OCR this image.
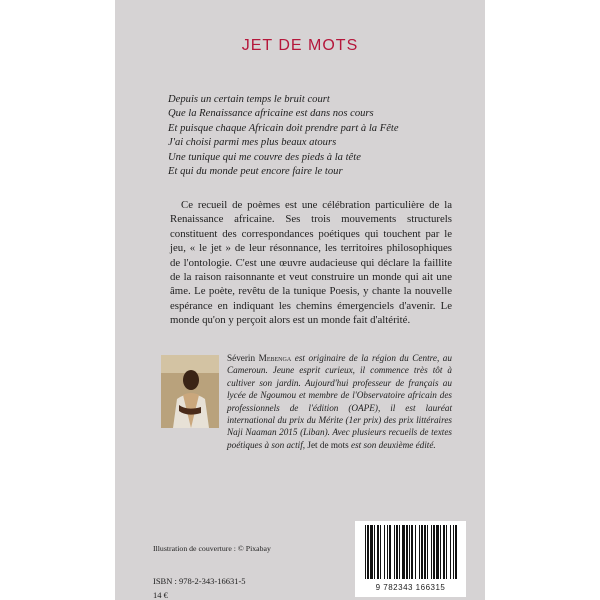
JET DE MOTS
Depuis un certain temps le bruit court
Que la Renaissance africaine est dans nos cours
Et puisque chaque Africain doit prendre part à la Fête
J'ai choisi parmi mes plus beaux atours
Une tunique qui me couvre des pieds à la tête
Et qui du monde peut encore faire le tour

Ce recueil de poèmes est une célébration particulière de la Renaissance africaine. Ses trois mouvements structurels constituent des correspondances poétiques qui touchent par le jeu, « le jet » de leur résonnance, les territoires philosophiques de l'ontologie. C'est une œuvre audacieuse qui déclare la faillite de la raison raisonnante et veut construire un monde qui ait une âme. Le poète, revêtu de la tunique Poesis, y chante la nouvelle espérance en indiquant les chemins émergenciels d'avenir. Le monde qu'on y perçoit alors est un monde fait d'altérité.

Séverin Mebenga est originaire de la région du Centre, au Cameroun. Jeune esprit curieux, il commence très tôt à cultiver son jardin. Aujourd'hui professeur de français au lycée de Ngoumou et membre de l'Observatoire africain des professionnels de l'édition (OAPE), il est lauréat international du prix du Mérite (1er prix) des prix littéraires Naji Naaman 2015 (Liban). Avec plusieurs recueils de textes poétiques à son actif, Jet de mots est son deuxième édité.
Illustration de couverture : © Pixabay
ISBN : 978-2-343-16631-5
14 €
9 782343 166315
